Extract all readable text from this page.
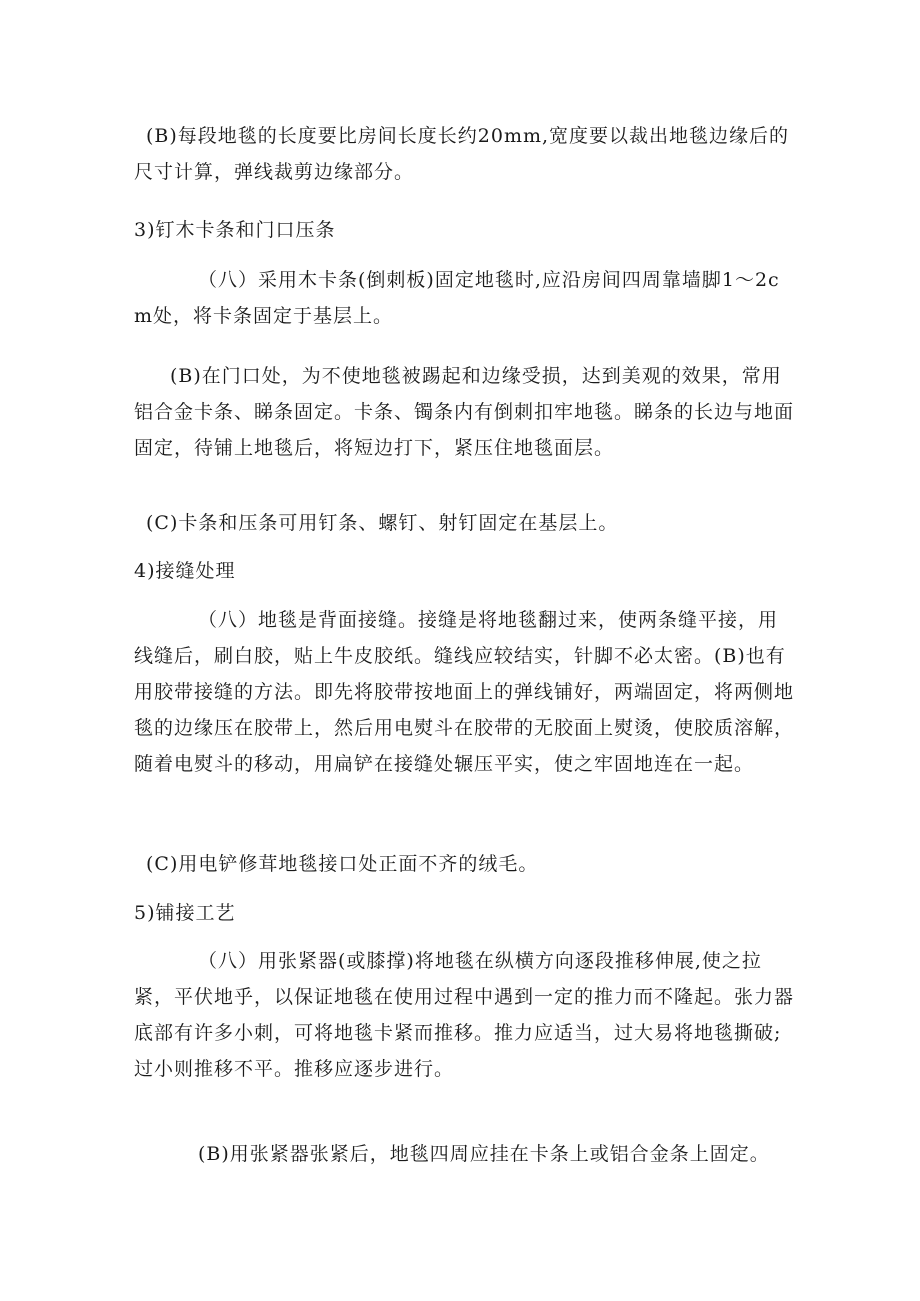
(B)每段地毯的长度要比房间长度长约20mm,宽度要以裁出地毯边缘后的尺寸计算，弹线裁剪边缘部分。

3)钉木卡条和门口压条

（八）采用木卡条(倒刺板)固定地毯时,应沿房间四周靠墙脚1～2cm处，将卡条固定于基层上。

(B)在门口处，为不使地毯被踢起和边缘受损，达到美观的效果，常用铝合金卡条、睇条固定。卡条、镯条内有倒刺扣牢地毯。睇条的长边与地面固定，待铺上地毯后，将短边打下，紧压住地毯面层。

(C)卡条和压条可用钉条、螺钉、射钉固定在基层上。

4)接缝处理

（八）地毯是背面接缝。接缝是将地毯翻过来，使两条缝平接，用线缝后，刷白胶，贴上牛皮胶纸。缝线应较结实，针脚不必太密。(B)也有用胶带接缝的方法。即先将胶带按地面上的弹线铺好，两端固定，将两侧地毯的边缘压在胶带上，然后用电熨斗在胶带的无胶面上熨烫，使胶质溶解，随着电熨斗的移动，用扁铲在接缝处辗压平实，使之牢固地连在一起。

(C)用电铲修茸地毯接口处正面不齐的绒毛。

5)铺接工艺

（八）用张紧器(或膝撑)将地毯在纵横方向逐段推移伸展,使之拉紧，平伏地乎，以保证地毯在使用过程中遇到一定的推力而不隆起。张力器底部有许多小刺，可将地毯卡紧而推移。推力应适当，过大易将地毯撕破;过小则推移不平。推移应逐步进行。

(B)用张紧器张紧后，地毯四周应挂在卡条上或铝合金条上固定。
